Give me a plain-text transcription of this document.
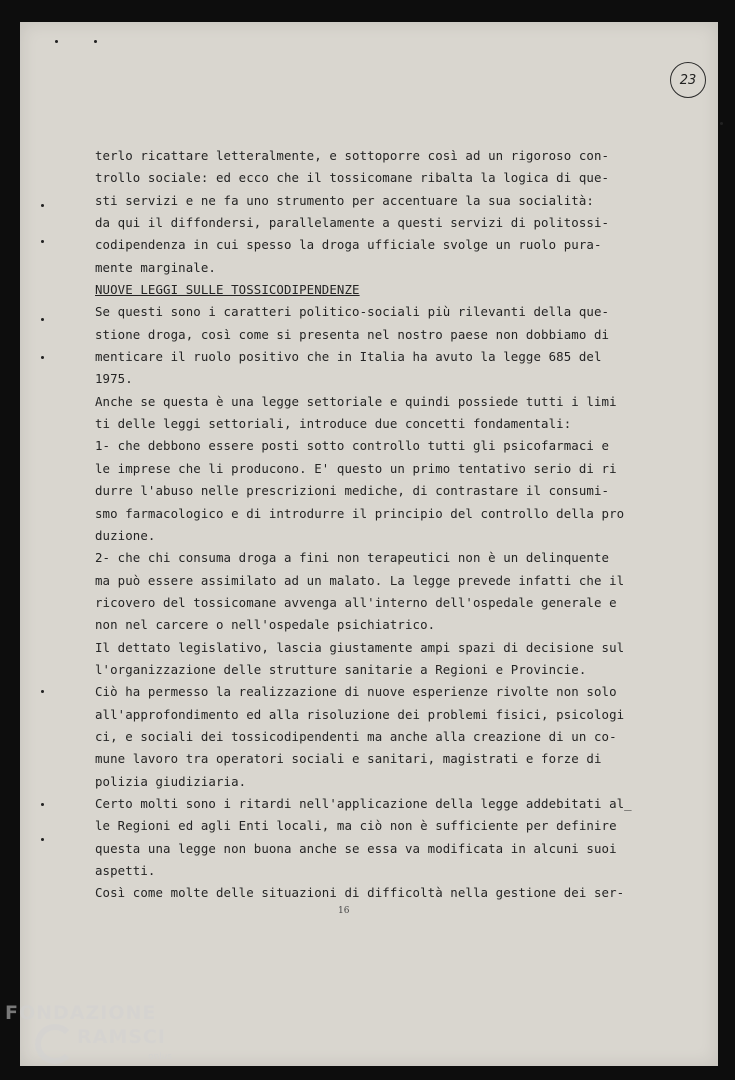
23
terlo ricattare letteralmente, e sottoporre così ad un rigoroso con-
trollo sociale: ed ecco che il tossicomane ribalta la logica di que-
sti servizi e ne fa uno strumento per accentuare la sua socialità:
da qui il diffondersi, parallelamente a questi servizi di politossi-
codipendenza in cui spesso la droga ufficiale svolge un ruolo pura-
mente marginale.
NUOVE LEGGI SULLE TOSSICODIPENDENZE
Se questi sono i caratteri politico-sociali più rilevanti della que-
stione droga, così come si presenta nel nostro paese non dobbiamo di
menticare il ruolo positivo che in Italia ha avuto la legge 685 del
1975.
Anche se questa è una legge settoriale e quindi possiede tutti i limi
ti delle leggi settoriali, introduce due concetti fondamentali:
1- che debbono essere posti sotto controllo tutti gli psicofarmaci e
le imprese che li producono. E' questo un primo tentativo serio di ri
durre l'abuso nelle prescrizioni mediche, di contrastare il consumi-
smo farmacologico e di introdurre il principio del controllo della pro
duzione.
2- che chi consuma droga a fini non terapeutici non è un delinquente
ma può essere assimilato ad un malato. La legge prevede infatti che il
ricovero del tossicomane avvenga all'interno dell'ospedale generale e
non nel carcere o nell'ospedale psichiatrico.
Il dettato legislativo, lascia giustamente ampi spazi di decisione sul
l'organizzazione delle strutture sanitarie a Regioni e Provincie.
Ciò ha permesso la realizzazione di nuove esperienze rivolte non solo
all'approfondimento ed alla risoluzione dei problemi fisici, psicologi
ci, e sociali dei tossicodipendenti ma anche alla creazione di un co-
mune lavoro tra operatori sociali e sanitari, magistrati e forze di
polizia giudiziaria.
Certo molti sono i ritardi nell'applicazione della legge addebitati al_
le Regioni ed agli Enti locali, ma ciò non è sufficiente per definire
questa una legge non buona anche se essa va modificata in alcuni suoi
aspetti.
Così come molte delle situazioni di difficoltà nella gestione dei ser-
16
FONDAZIONE
RAMSCI
onlus
